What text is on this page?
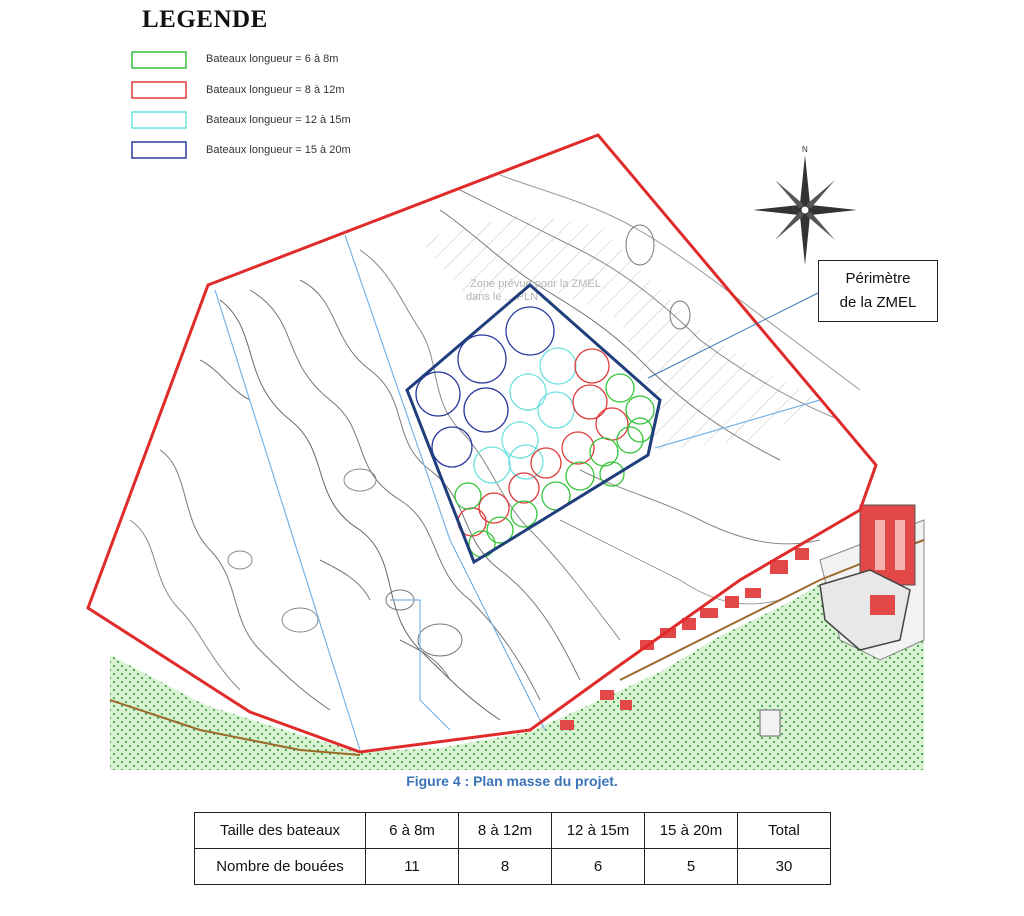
Zone prévue pour la ZMEL
dans le ... PLN
N
LEGENDE
Bateaux longueur = 6 à 8m
Bateaux longueur = 8 à 12m
Bateaux longueur = 12 à 15m
Bateaux longueur = 15 à 20m
Périmètre
de la ZMEL
Figure 4 : Plan masse du projet.
Taille des bateaux	6 à 8m	8 à 12m	12 à 15m	15 à 20m	Total
Nombre de bouées	11	8	6	5	30
